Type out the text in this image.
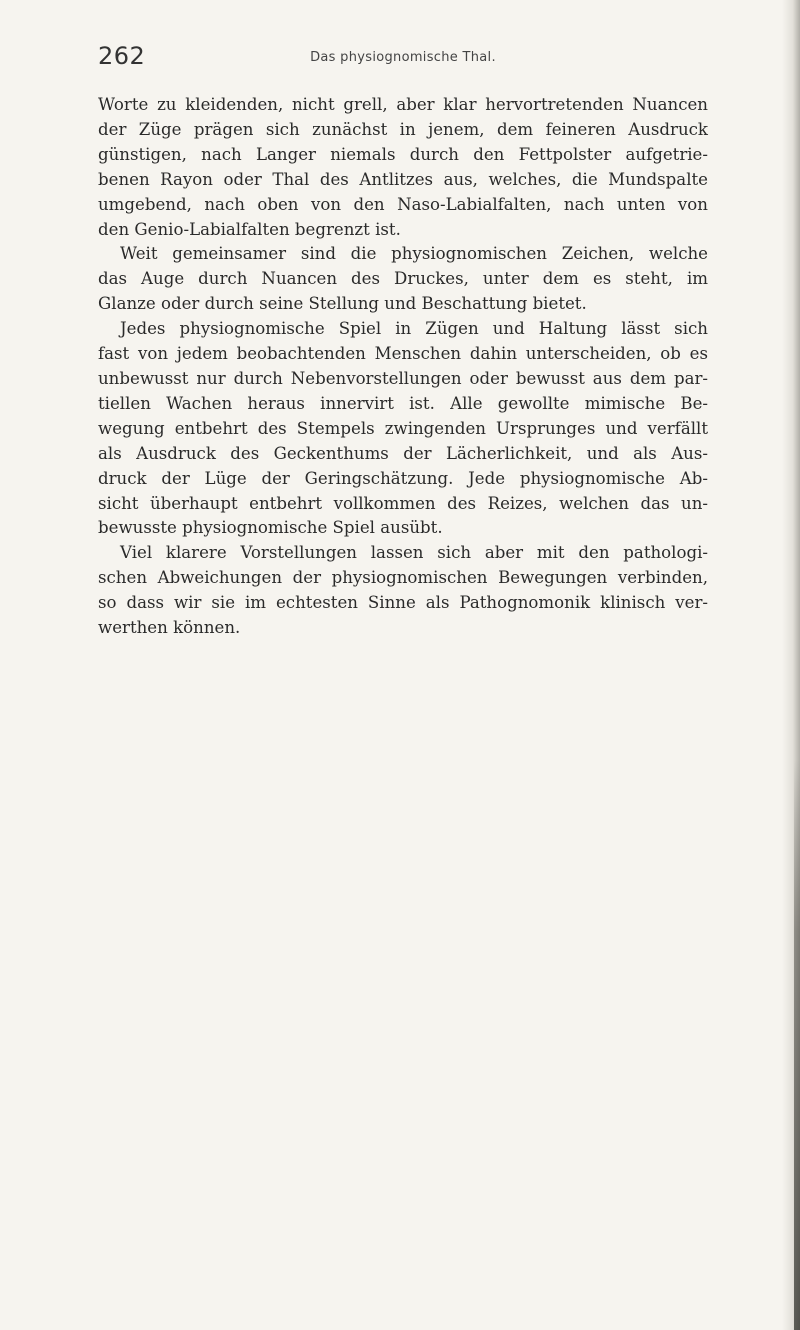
262	Das physiognomische Thal.
Worte zu kleidenden, nicht grell, aber klar hervortretenden Nuancen
der Züge prägen sich zunächst in jenem, dem feineren Ausdruck
günstigen, nach Langer niemals durch den Fettpolster aufgetrie-
benen Rayon oder Thal des Antlitzes aus, welches, die Mundspalte
umgebend, nach oben von den Naso-Labialfalten, nach unten von
den Genio-Labialfalten begrenzt ist.
Weit gemeinsamer sind die physiognomischen Zeichen, welche
das Auge durch Nuancen des Druckes, unter dem es steht, im
Glanze oder durch seine Stellung und Beschattung bietet.
Jedes physiognomische Spiel in Zügen und Haltung lässt sich
fast von jedem beobachtenden Menschen dahin unterscheiden, ob es
unbewusst nur durch Nebenvorstellungen oder bewusst aus dem par-
tiellen Wachen heraus innervirt ist. Alle gewollte mimische Be-
wegung entbehrt des Stempels zwingenden Ursprunges und verfällt
als Ausdruck des Geckenthums der Lächerlichkeit, und als Aus-
druck der Lüge der Geringschätzung. Jede physiognomische Ab-
sicht überhaupt entbehrt vollkommen des Reizes, welchen das un-
bewusste physiognomische Spiel ausübt.
Viel klarere Vorstellungen lassen sich aber mit den pathologi-
schen Abweichungen der physiognomischen Bewegungen verbinden,
so dass wir sie im echtesten Sinne als Pathognomonik klinisch ver-
werthen können.
